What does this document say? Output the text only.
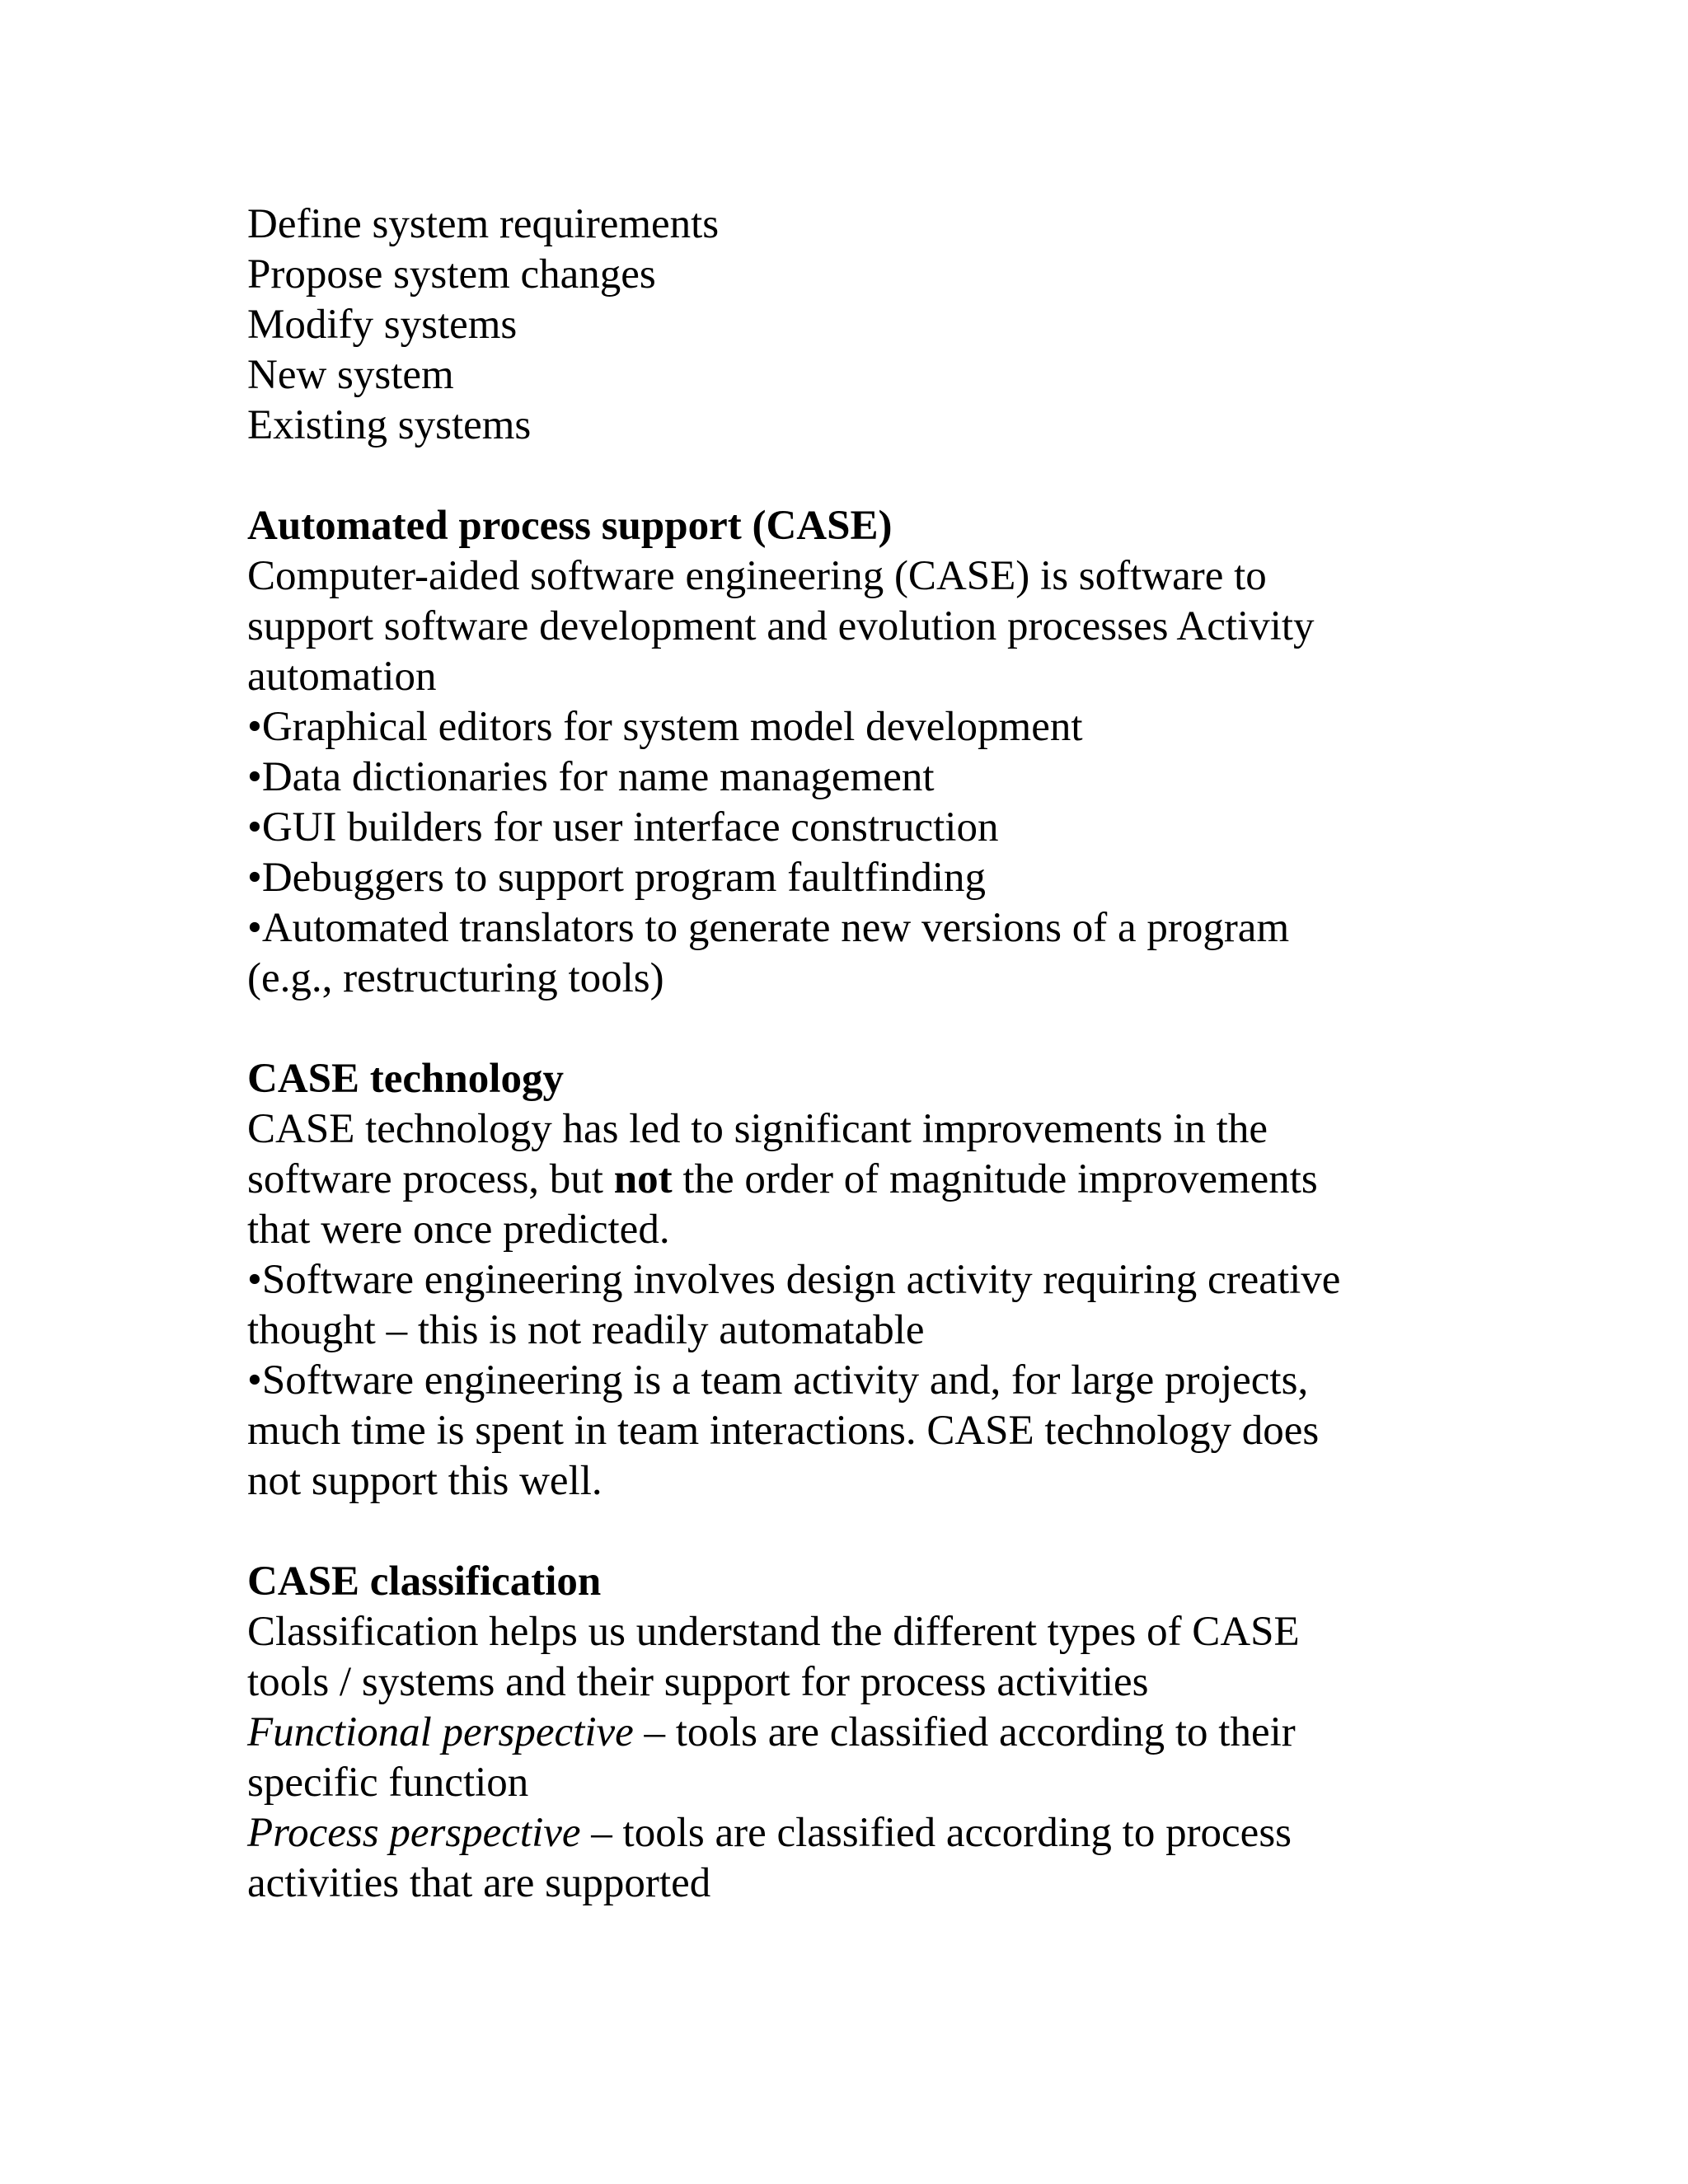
Define system requirements
Propose system changes
Modify systems
New system
Existing systems
Automated process support (CASE)
Computer-aided software engineering (CASE) is software to
support software development and evolution processes Activity
automation
•Graphical editors for system model development
•Data dictionaries for name management
•GUI builders for user interface construction
•Debuggers to support program faultfinding
•Automated translators to generate new versions of a program
(e.g., restructuring tools)
CASE technology
CASE technology has led to significant improvements in the
software process, but not the order of magnitude improvements
that were once predicted.
•Software engineering involves design activity requiring creative
thought – this is not readily automatable
•Software engineering is a team activity and, for large projects,
much time is spent in team interactions. CASE technology does
not support this well.
CASE classification
Classification helps us understand the different types of CASE
tools / systems and their support for process activities
Functional perspective – tools are classified according to their
specific function
Process perspective – tools are classified according to process
activities that are supported
